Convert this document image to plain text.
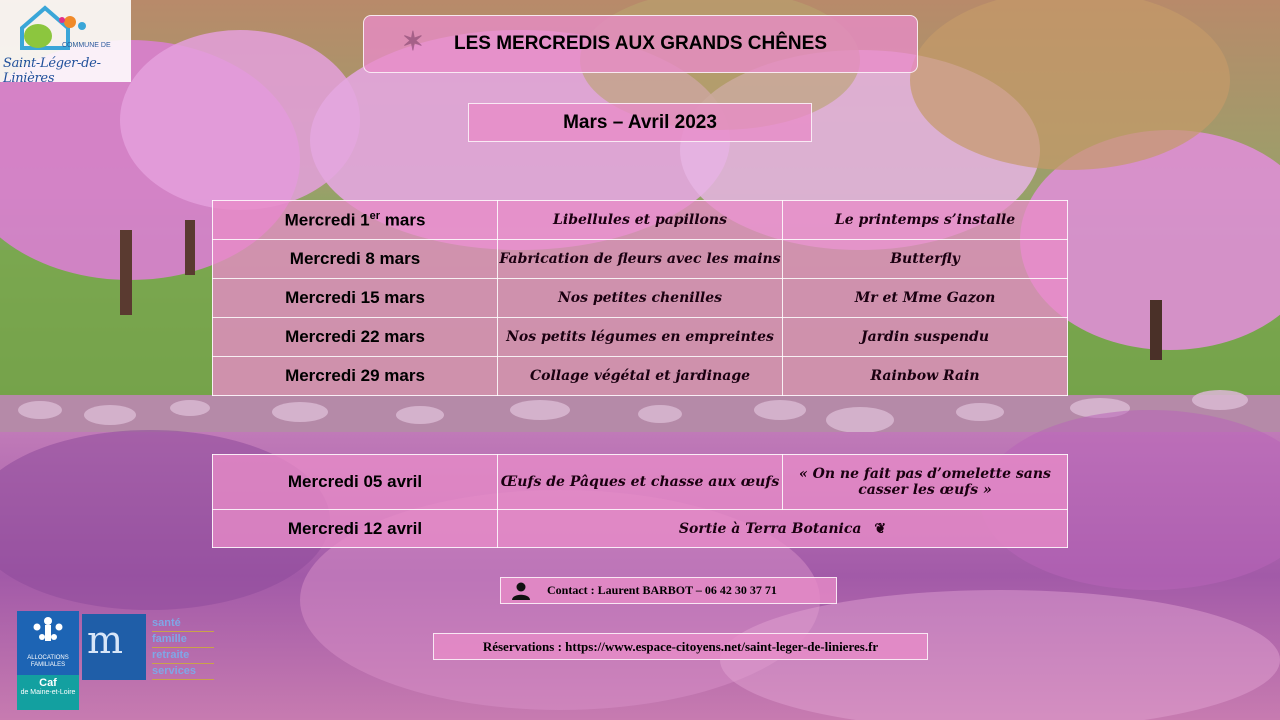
COMMUNE DE
Saint-Léger-de-Linières
✶ LES MERCREDIS AUX GRANDS CHÊNES
Mars – Avril 2023
Mercredi 1er mars	Libellules et papillons	Le printemps s’installe
Mercredi 8 mars	Fabrication de fleurs avec les mains	Butterfly
Mercredi 15 mars	Nos petites chenilles	Mr et Mme Gazon
Mercredi 22 mars	Nos petits légumes en empreintes	Jardin suspendu
Mercredi 29 mars	Collage végétal et jardinage	Rainbow Rain
Mercredi 05 avril	Œufs de Pâques et chasse aux œufs	« On ne fait pas d’omelette sans casser les œufs »
Mercredi 12 avril	Sortie à Terra Botanica ❦	
Contact : Laurent BARBOT – 06 42 30 37 71
Réservations : https://www.espace-citoyens.net/saint-leger-de-linieres.fr
ALLOCATIONS FAMILIALES
Caf
de Maine-et-Loire
m	santé
famille
retraite
services
